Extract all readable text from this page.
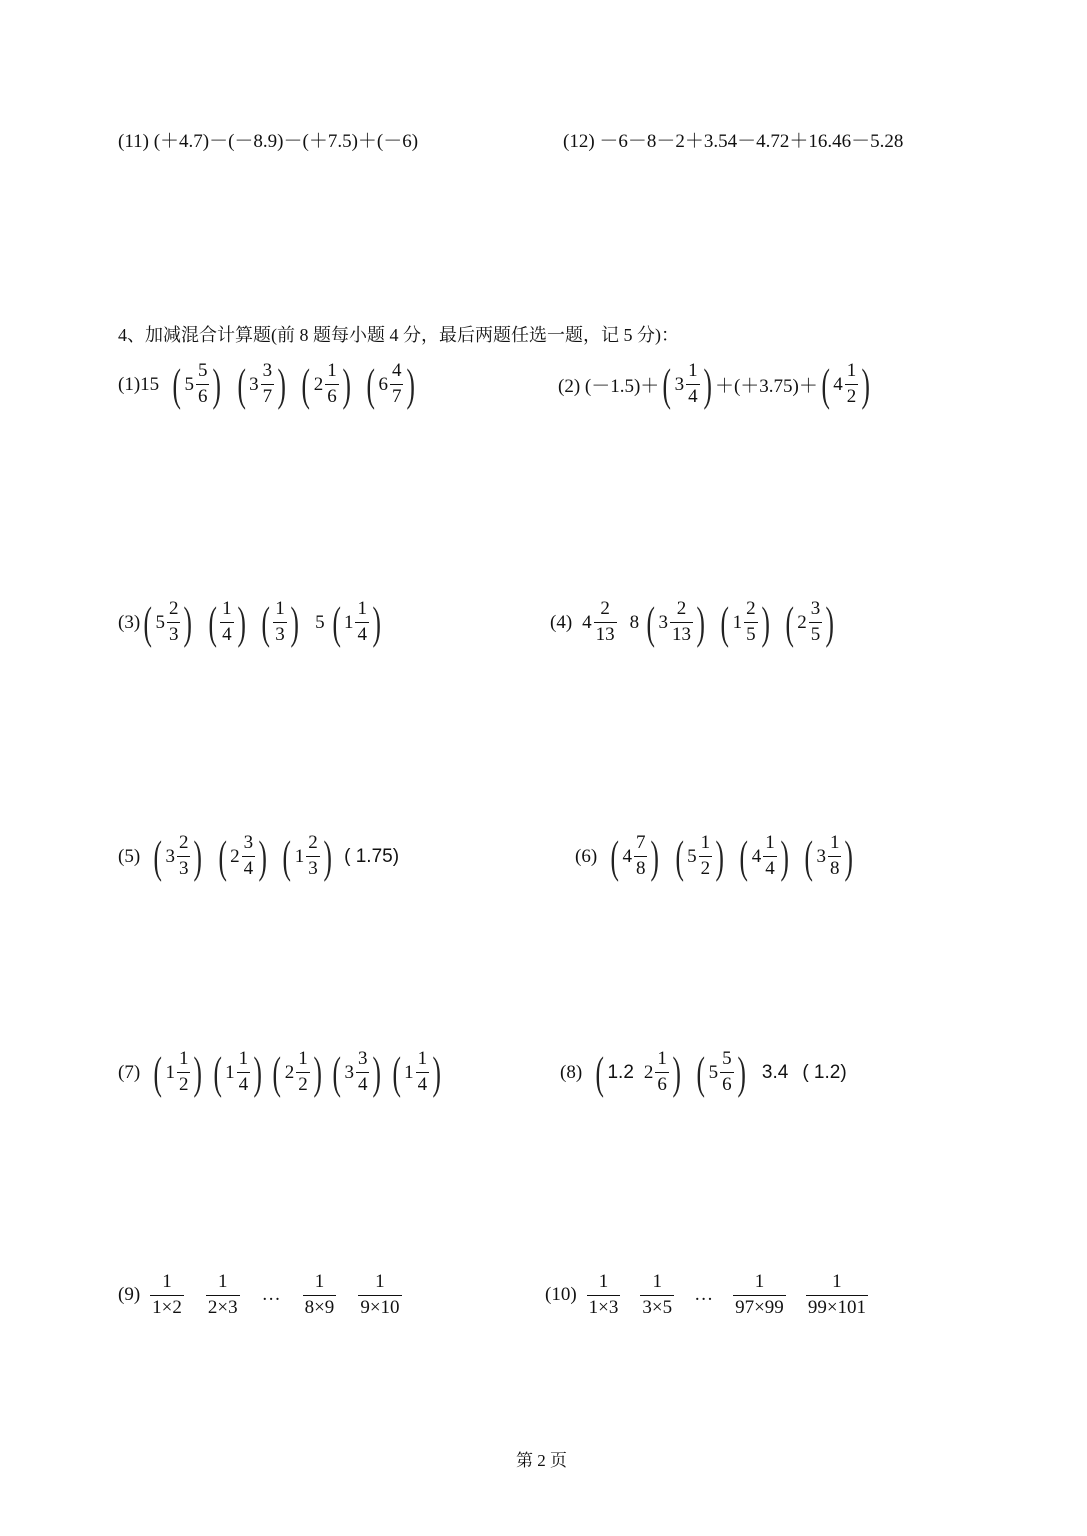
(11) (＋4.7)－(－8.9)－(＋7.5)＋(－6)	(12) －6－8－2＋3.54－4.72＋16.46－5.28
4、加减混合计算题(前 8 题每小题 4 分，最后两题任选一题，记 5 分)：
(1)15 ( $5 \frac{5}{6}$ ) ( $3 \frac{3}{7}$ ) ( $2 \frac{1}{6}$ ) ( $6 \frac{4}{7}$ )	(2) (－1.5)＋ ( $3 \frac{1}{4}$ ) ＋(＋3.75)＋ ( $4 \frac{1}{2}$ )
(3) ( $5 \frac{2}{3}$ ) ( $\frac{1}{4}$ ) ( $\frac{1}{3}$ ) 5 ( $1 \frac{1}{4}$ )	(4) $4 \frac{2}{13} 8$ ( $3 \frac{2}{13}$ ) ( $1 \frac{2}{5}$ ) ( $2 \frac{3}{5}$ )
(5) ( $3 \frac{2}{3}$ ) ( $2 \frac{3}{4}$ ) ( $1 \frac{2}{3}$ ) ( 1.75)	(6) ( $4 \frac{7}{8}$ ) ( $5 \frac{1}{2}$ ) ( $4 \frac{1}{4}$ ) ( $3 \frac{1}{8}$ )
(7) ( $1 \frac{1}{2}$ ) ( $1 \frac{1}{4}$ ) ( $2 \frac{1}{2}$ ) ( $3 \frac{3}{4}$ ) ( $1 \frac{1}{4}$ )	(8) ( 1.2 $2 \frac{1}{6}$ ) ( $5 \frac{5}{6}$ ) 3.4 ( 1.2)
$(9) \frac{1}{1\times 2} \frac{1}{2\times 3}$ … $\frac{1}{8\times 9} \frac{1}{9\times 10}$	$(10) \frac{1}{1\times 3} \frac{1}{3\times 5}$ … $\frac{1}{97\times 99} \frac{1}{99\times 101}$
第 2 页
